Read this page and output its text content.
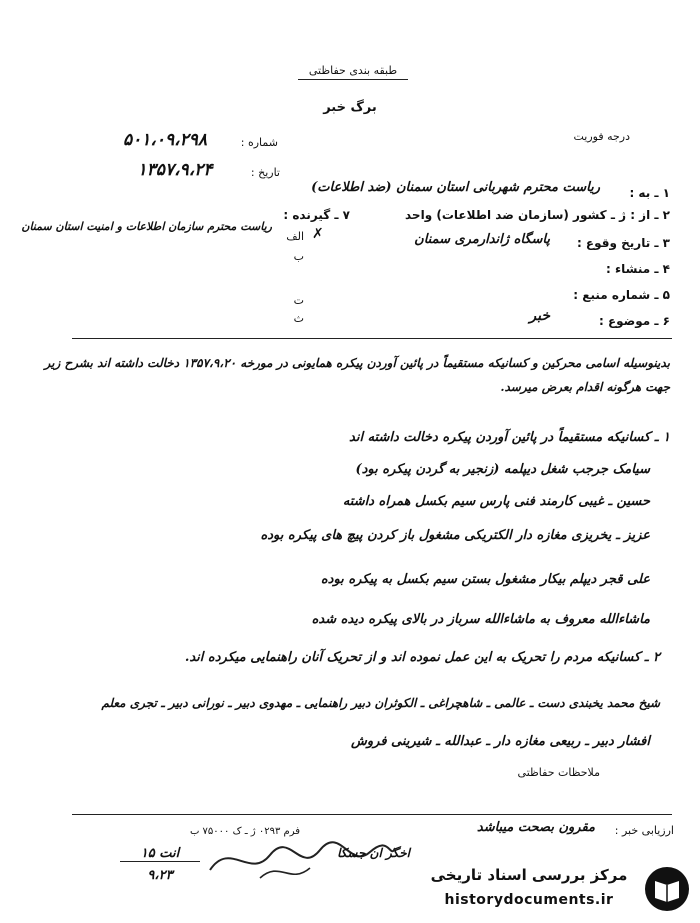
طبقه بندی حفاظتی
برگ خبر
درجه فوریت
شماره :
۵۰۱،۰۹،۲۹۸
تاریخ :
۱۳۵۷،۹،۲۴
۱ ـ به :
ریاست محترم شهربانی استان سمنان (ضد اطلاعات)
۲ ـ از : ژ ـ کشور (سازمان ضد اطلاعات) واحد
۷ ـ گیرنده :
✗
الف
ریاست محترم سازمان اطلاعات و امنیت استان سمنان
ب
ت
ث
۳ ـ تاریخ وقوع :
پاسگاه ژاندارمری سمنان
۴ ـ منشاء :
۵ ـ شماره منبع :
۶ ـ موضوع :
خبر
بدینوسیله اسامی محرکین و کسانیکه مستقیماً در پائین آوردن پیکره همایونی در مورخه ۱۳۵۷،۹،۲۰ دخالت داشته اند بشرح زیر
جهت هرگونه اقدام بعرض میرسد.
۱ ـ کسانیکه مستقیماً در پائین آوردن پیکره دخالت داشته اند
سیامک جرجب شغل دیپلمه (زنجیر به گردن پیکره بود)
حسین ـ غیبی کارمند فنی پارس سیم بکسل همراه داشته
عزیز ـ یخریزی مغازه دار الکتریکی مشغول باز کردن پیچ های پیکره بوده
علی قجر دیپلم بیکار مشغول بستن سیم بکسل به پیکره بوده
ماشاءالله معروف به ماشاءالله سرباز در بالای پیکره دیده شده
۲ ـ کسانیکه مردم را تحریک به این عمل نموده اند و از تحریک آنان راهنمایی میکرده اند.
شیخ محمد یخبندی دست ـ عالمی ـ شاهچراغی ـ الکوثران دبیر راهنمایی ـ مهدوی دبیر ـ نورانی دبیر ـ تجری معلم
افشار دبیر ـ ربیعی مغازه دار ـ عبدالله ـ شیرینی فروش
ملاحظات حفاظتی
ارزیابی خبر :
مقرون بصحت میباشد
فرم ۰۲۹۳ ژ ـ ک ۷۵۰۰۰ ب
اخگر ان جسکا
انت ۱۵
۹،۲۳	مرکز بررسی اسناد تاریخی
historydocuments.ir
